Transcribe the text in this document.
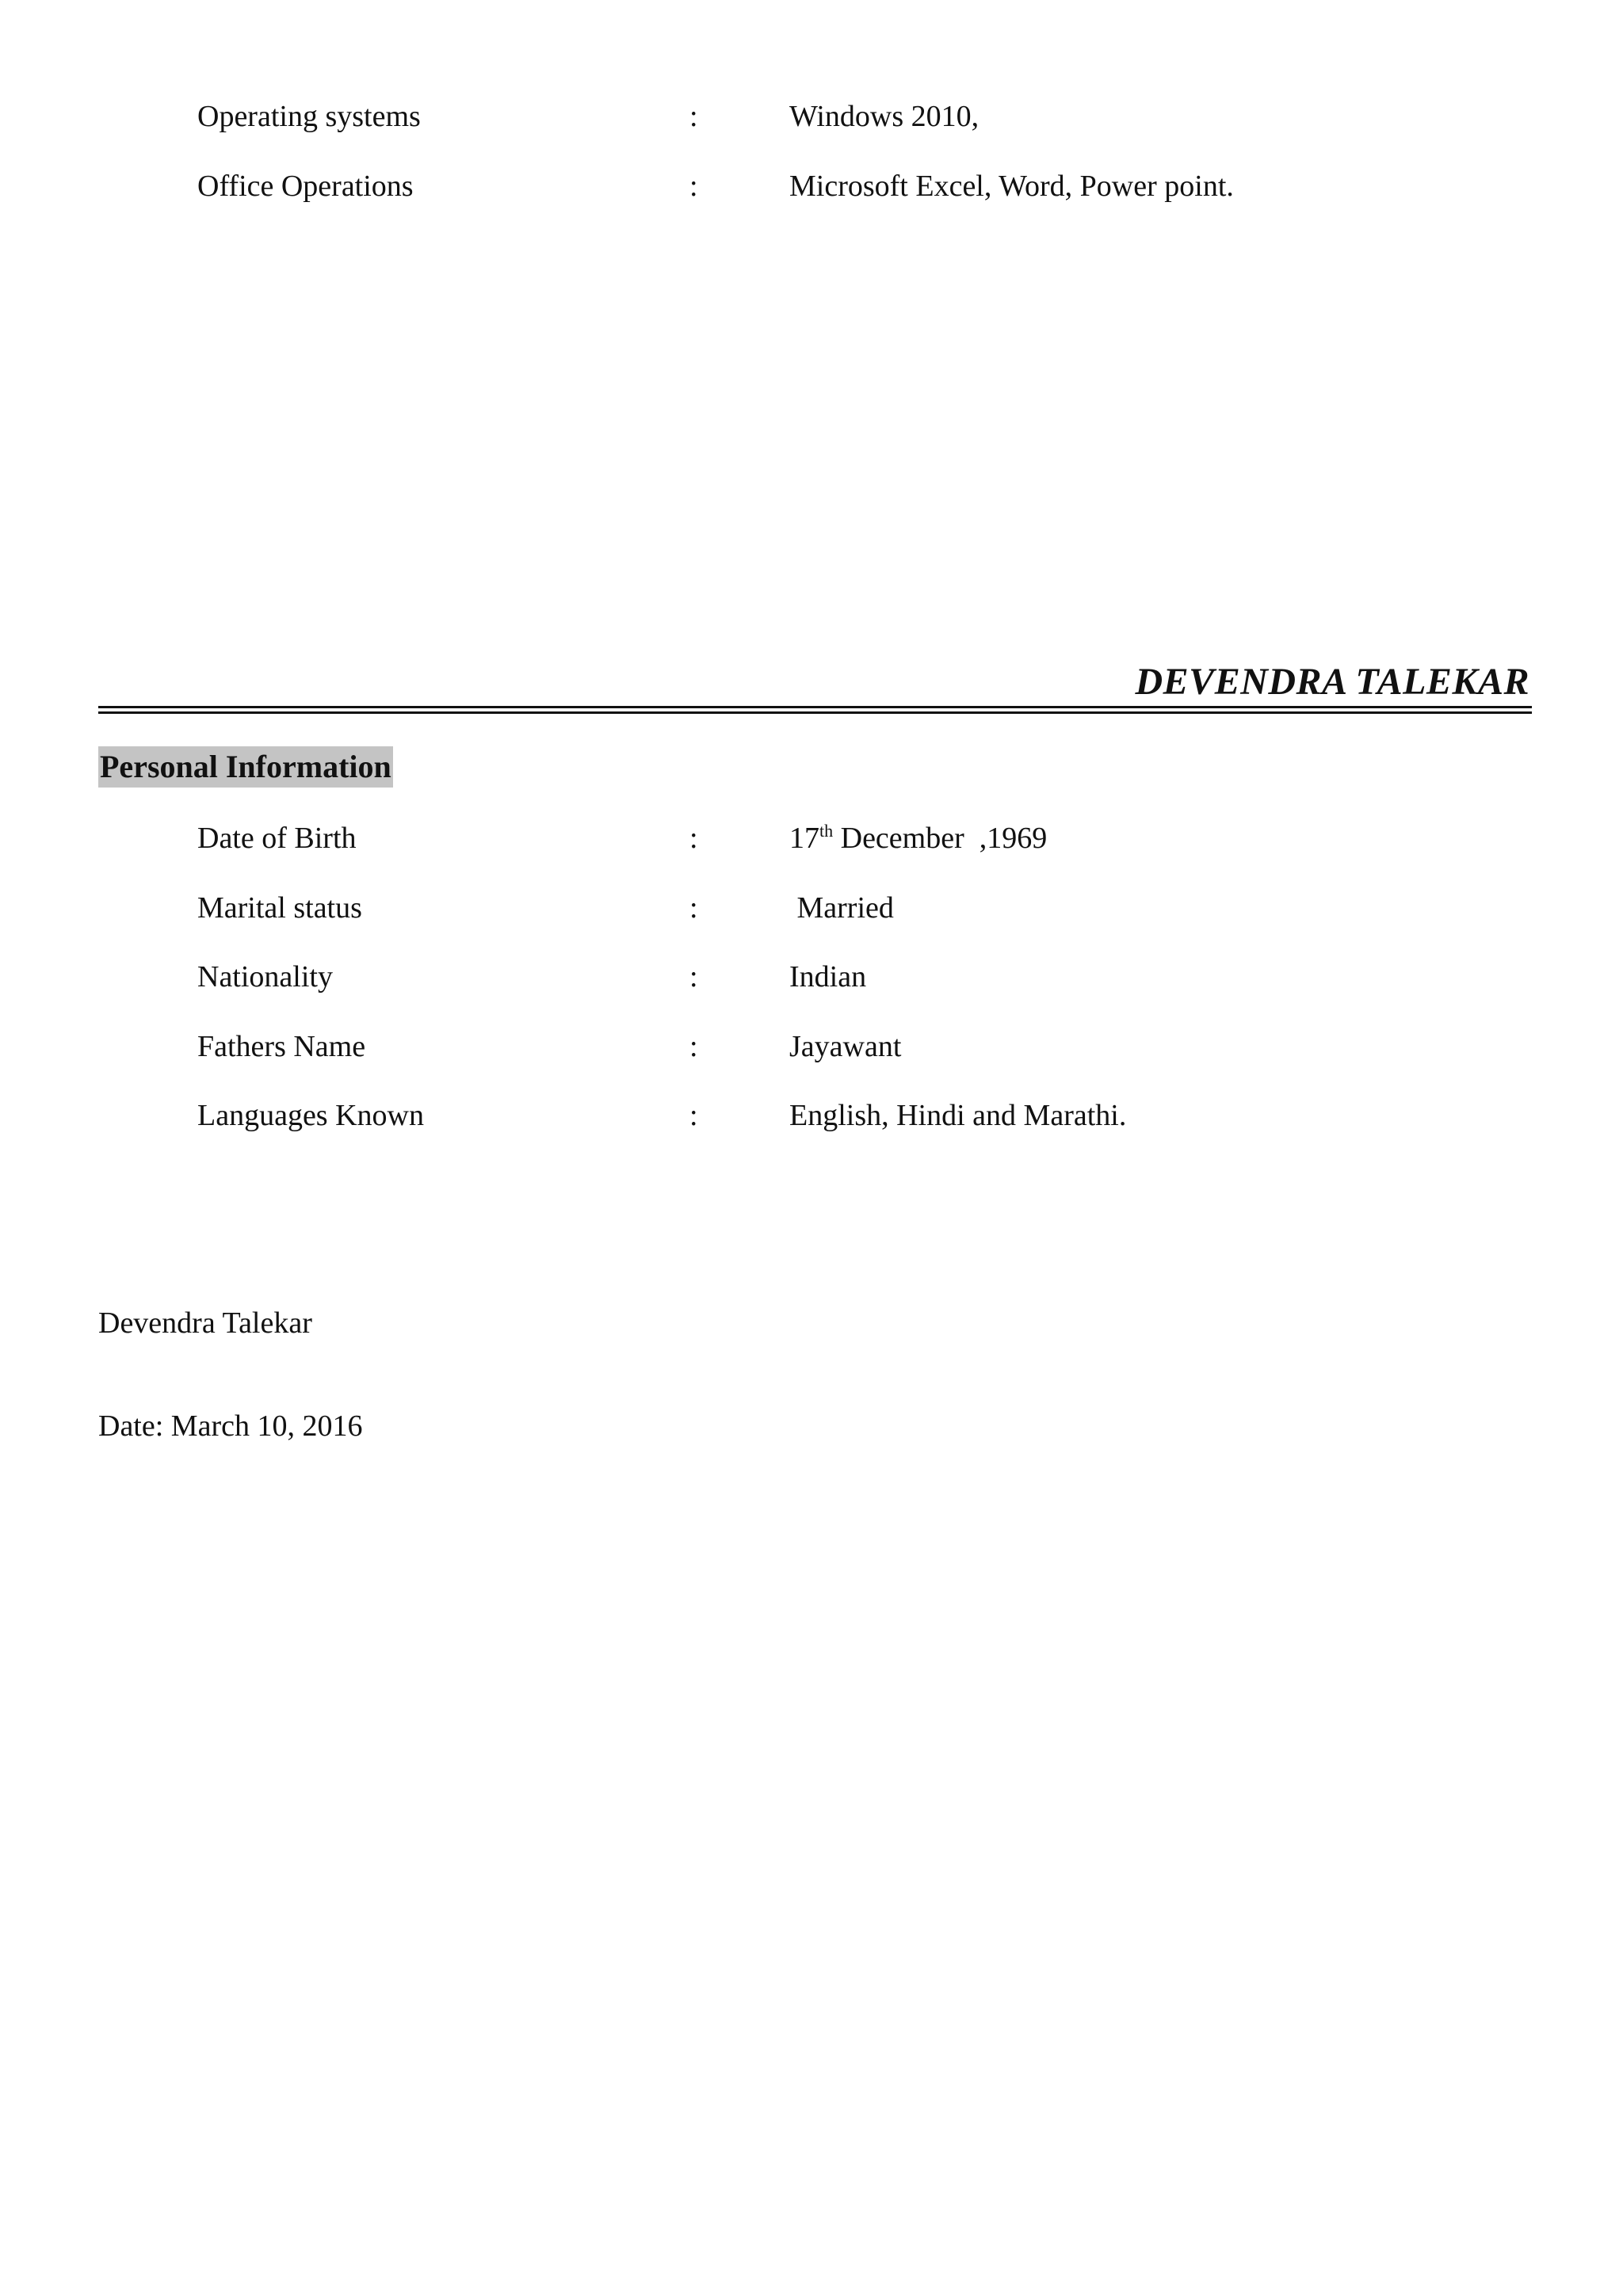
Operating systems	:	Windows 2010,
Office Operations	:	Microsoft Excel, Word, Power point.
DEVENDRA TALEKAR
Personal Information
Date of Birth	:	17th December  ,1969
Marital status	:	Married
Nationality	:	Indian
Fathers Name	:	Jayawant
Languages Known	:	English, Hindi and Marathi.
Devendra Talekar
Date: March 10, 2016
